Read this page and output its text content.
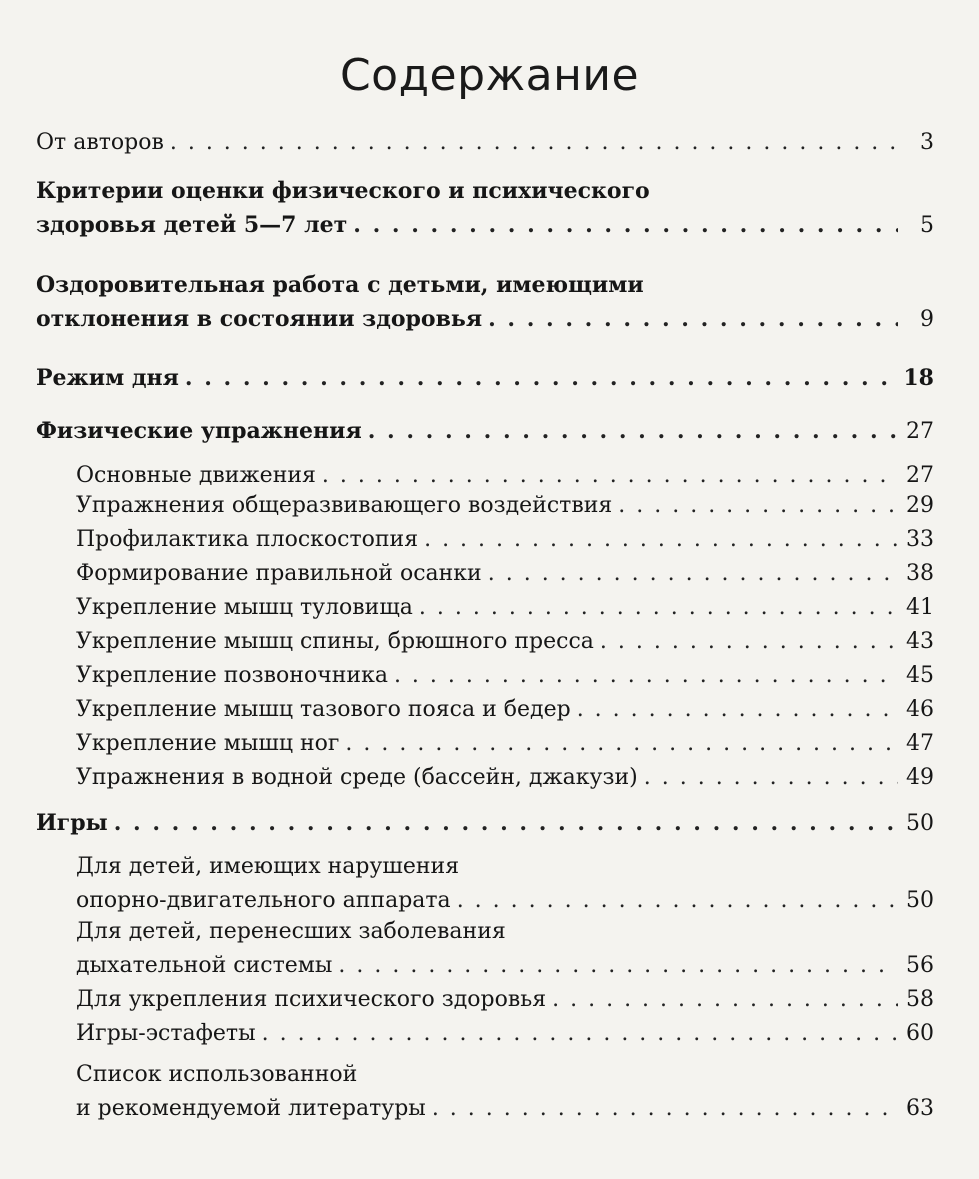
Содержание
От авторов . . .	3
Критерии оценки физического и психического
здоровья детей 5—7 лет . . .	5
Оздоровительная работа с детьми, имеющими
отклонения в состоянии здоровья . . .	9
Режим дня . . .	18
Физические упражнения . . .	27
Основные движения . . .	27
Упражнения общеразвивающего воздействия . . .	29
Профилактика плоскостопия . . .	33
Формирование правильной осанки . . .	38
Укрепление мышц туловища . . .	41
Укрепление мышц спины, брюшного пресса . . .	43
Укрепление позвоночника . . .	45
Укрепление мышц тазового пояса и бедер . . .	46
Укрепление мышц ног . . .	47
Упражнения в водной среде (бассейн, джакузи) . . .	49
Игры . . .	50
Для детей, имеющих нарушения
опорно-двигательного аппарата . . .	50
Для детей, перенесших заболевания
дыхательной системы . . .	56
Для укрепления психического здоровья . . .	58
Игры-эстафеты . . .	60
Список использованной
и рекомендуемой литературы . . .	63
